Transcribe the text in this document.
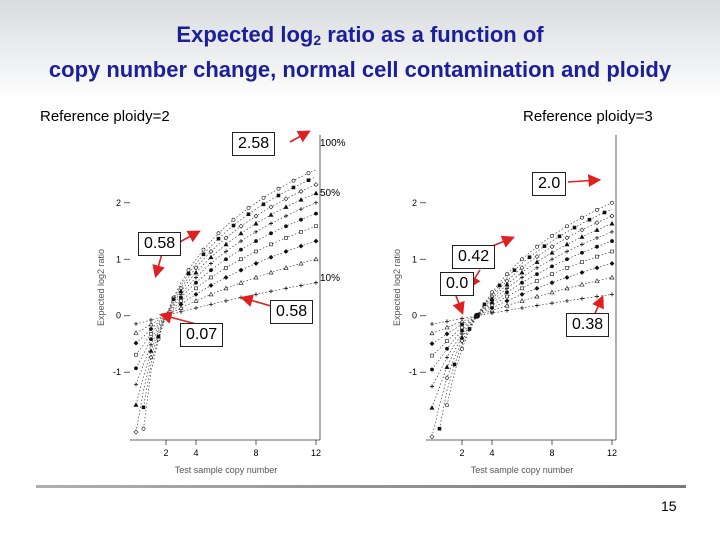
Expected $\log_2$ ratio as a function of
copy number change, normal cell contamination and ploidy
Reference ploidy=2	Reference ploidy=3
2	4	8	12
2
1
0
-1
Test sample copy number
Expected log2 ratio
2	4	8	12
2
1
0
-1
Test sample copy number
Expected log2 ratio
100%
50%
10%
2.58
0.58
0.07
0.58
2.0
0.42
0.0
0.38
15
